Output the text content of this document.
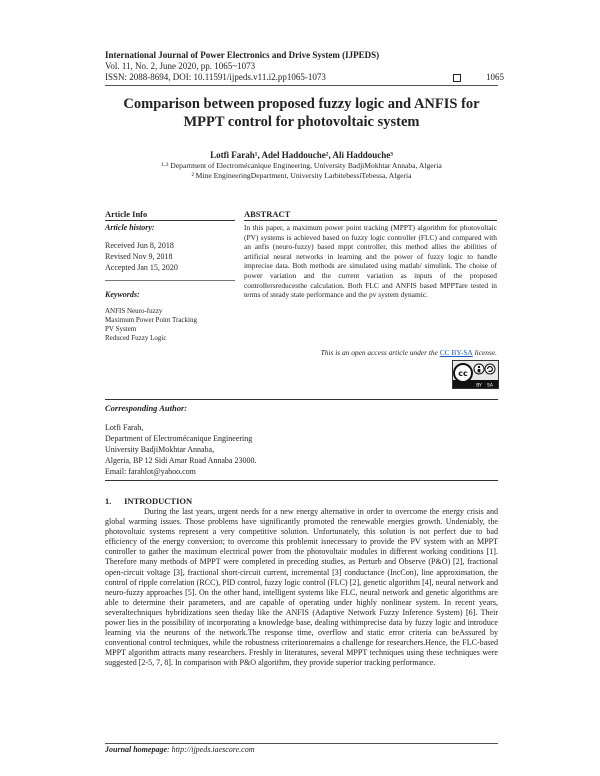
International Journal of Power Electronics and Drive System (IJPEDS)
Vol. 11, No. 2, June 2020, pp. 1065~1073
ISSN: 2088-8694, DOI: 10.11591/ijpeds.v11.i2.pp1065-1073	1065
Comparison between proposed fuzzy logic and ANFIS for
MPPT control for photovoltaic system
Lotfi Farah¹, Adel Haddouche², Ali Haddouche³
¹·³ Department of Electromécanique Engineering, University BadjiMokhtar Annaba, Algeria
² Mine EngineeringDepartment, University LarbitebessiTebessa, Algeria
Article Info
Article history:
Received Jun 8, 2018
Revised Nov 9, 2018
Accepted Jan 15, 2020
Keywords:
ANFIS Neuro-fuzzy
Maximum Power Point Tracking
PV System
Reduced Fuzzy Logic
ABSTRACT
In this paper, a maximum power point tracking (MPPT) algorithm for photovoltaic (PV) systems is achieved based on fuzzy logic controller (FLC) and compared with an anfis (neuro-fuzzy) based mppt controller, this method allies the abilities of artificial neural networks in learning and the power of fuzzy logic to handle imprecise data. Both methods are simulated using matlab/ simulink. The choise of power variation and the current variation as inputs of the proposed controllersreducesthe calculation. Both FLC and ANFIS based MPPTare tested in terms of steady state performance and the pv system dynamic.
This is an open access article under the CC BY-SA license.
cc
BY SA
Corresponding Author:
Lotfi Farah,
Department of Electromécanique Engineering
University BadjiMokhtar Annaba,
Algeria, BP 12 Sidi Amar Road Annaba 23000.
Email: farahlot@yahoo.com
1.      INTRODUCTION
During the last years, urgent needs for a new energy alternative in order to overcome the energy crisis and global warming issues. Those problems have significantly promoted the renewable energies growth. Undeniably, the photovoltaic systems represent a very competitive solution. Unfortunately, this solution is not perfect due to bad efficiency of the energy conversion; to overcome this problemit isnecessary to provide the PV system with an MPPT controller to gather the maximum electrical power from the photovoltaic modules in different working conditions [1]. Therefore many methods of MPPT were completed in preceding studies, as Perturb and Observe (P&O) [2], fractional open-circuit voltage [3], fractional short-circuit current, incremental [3] conductance (IncCon), line approximation, the control of ripple correlation (RCC), PID control, fuzzy logic control (FLC) [2], genetic algorithm [4], neural network and neuro-fuzzy approaches [5]. On the other hand, intelligent systems like FLC, neural network and genetic algorithms are able to determine their parameters, and are capable of operating under highly nonlinear system. In recent years, severaltechniques hybridizations seen theday like the ANFIS (Adaptive Network Fuzzy Inference System) [6]. Their power lies in the possibility of incorporating a knowledge base, dealing withimprecise data by fuzzy logic and introduce learning via the neurons of the network.The response time, overflow and static error criteria can beAssured by conventional control techniques, while the robustness criterionremains a challenge for researchers.Hence, the FLC-based MPPT algorithm attracts many researchers. Freshly in literatures, several MPPT techniques using these techniques were suggested [2-5, 7, 8]. In comparison with P&O algorithm, they provide superior tracking performance.
Journal homepage: http://ijpeds.iaescore.com
